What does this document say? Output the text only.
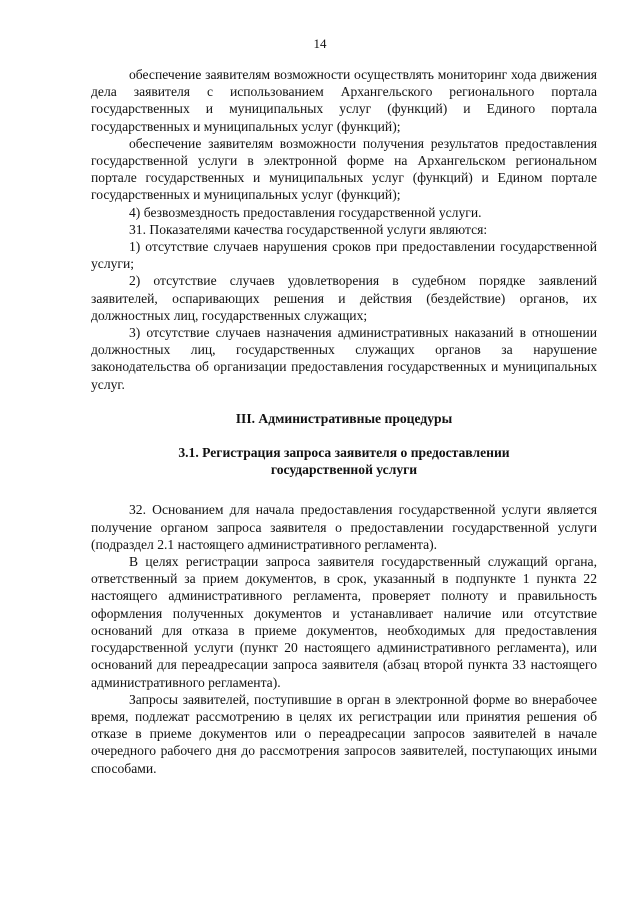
14

обеспечение заявителям возможности осуществлять мониторинг хода движения дела заявителя с использованием Архангельского регионального портала государственных и муниципальных услуг (функций) и Единого портала государственных и муниципальных услуг (функций);

обеспечение заявителям возможности получения результатов предоставления государственной услуги в электронной форме на Архангельском региональном портале государственных и муниципальных услуг (функций) и Едином портале государственных и муниципальных услуг (функций);

4) безвозмездность предоставления государственной услуги.

31. Показателями качества государственной услуги являются:

1) отсутствие случаев нарушения сроков при предоставлении государственной услуги;

2) отсутствие случаев удовлетворения в судебном порядке заявлений заявителей, оспаривающих решения и действия (бездействие) органов, их должностных лиц, государственных служащих;

3) отсутствие случаев назначения административных наказаний в отношении должностных лиц, государственных служащих органов за нарушение законодательства об организации предоставления государственных и муниципальных услуг.

III. Административные процедуры

3.1. Регистрация запроса заявителя о предоставлении
государственной услуги

32. Основанием для начала предоставления государственной услуги является получение органом запроса заявителя о предоставлении государственной услуги (подраздел 2.1 настоящего административного регламента).

В целях регистрации запроса заявителя государственный служащий органа, ответственный за прием документов, в срок, указанный в подпункте 1 пункта 22 настоящего административного регламента, проверяет полноту и правильность оформления полученных документов и устанавливает наличие или отсутствие оснований для отказа в приеме документов, необходимых для предоставления государственной услуги (пункт 20 настоящего административного регламента), или оснований для переадресации запроса заявителя (абзац второй пункта 33 настоящего административного регламента).

Запросы заявителей, поступившие в орган в электронной форме во внерабочее время, подлежат рассмотрению в целях их регистрации или принятия решения об отказе в приеме документов или о переадресации запросов заявителей в начале очередного рабочего дня до рассмотрения запросов заявителей, поступающих иными способами.
